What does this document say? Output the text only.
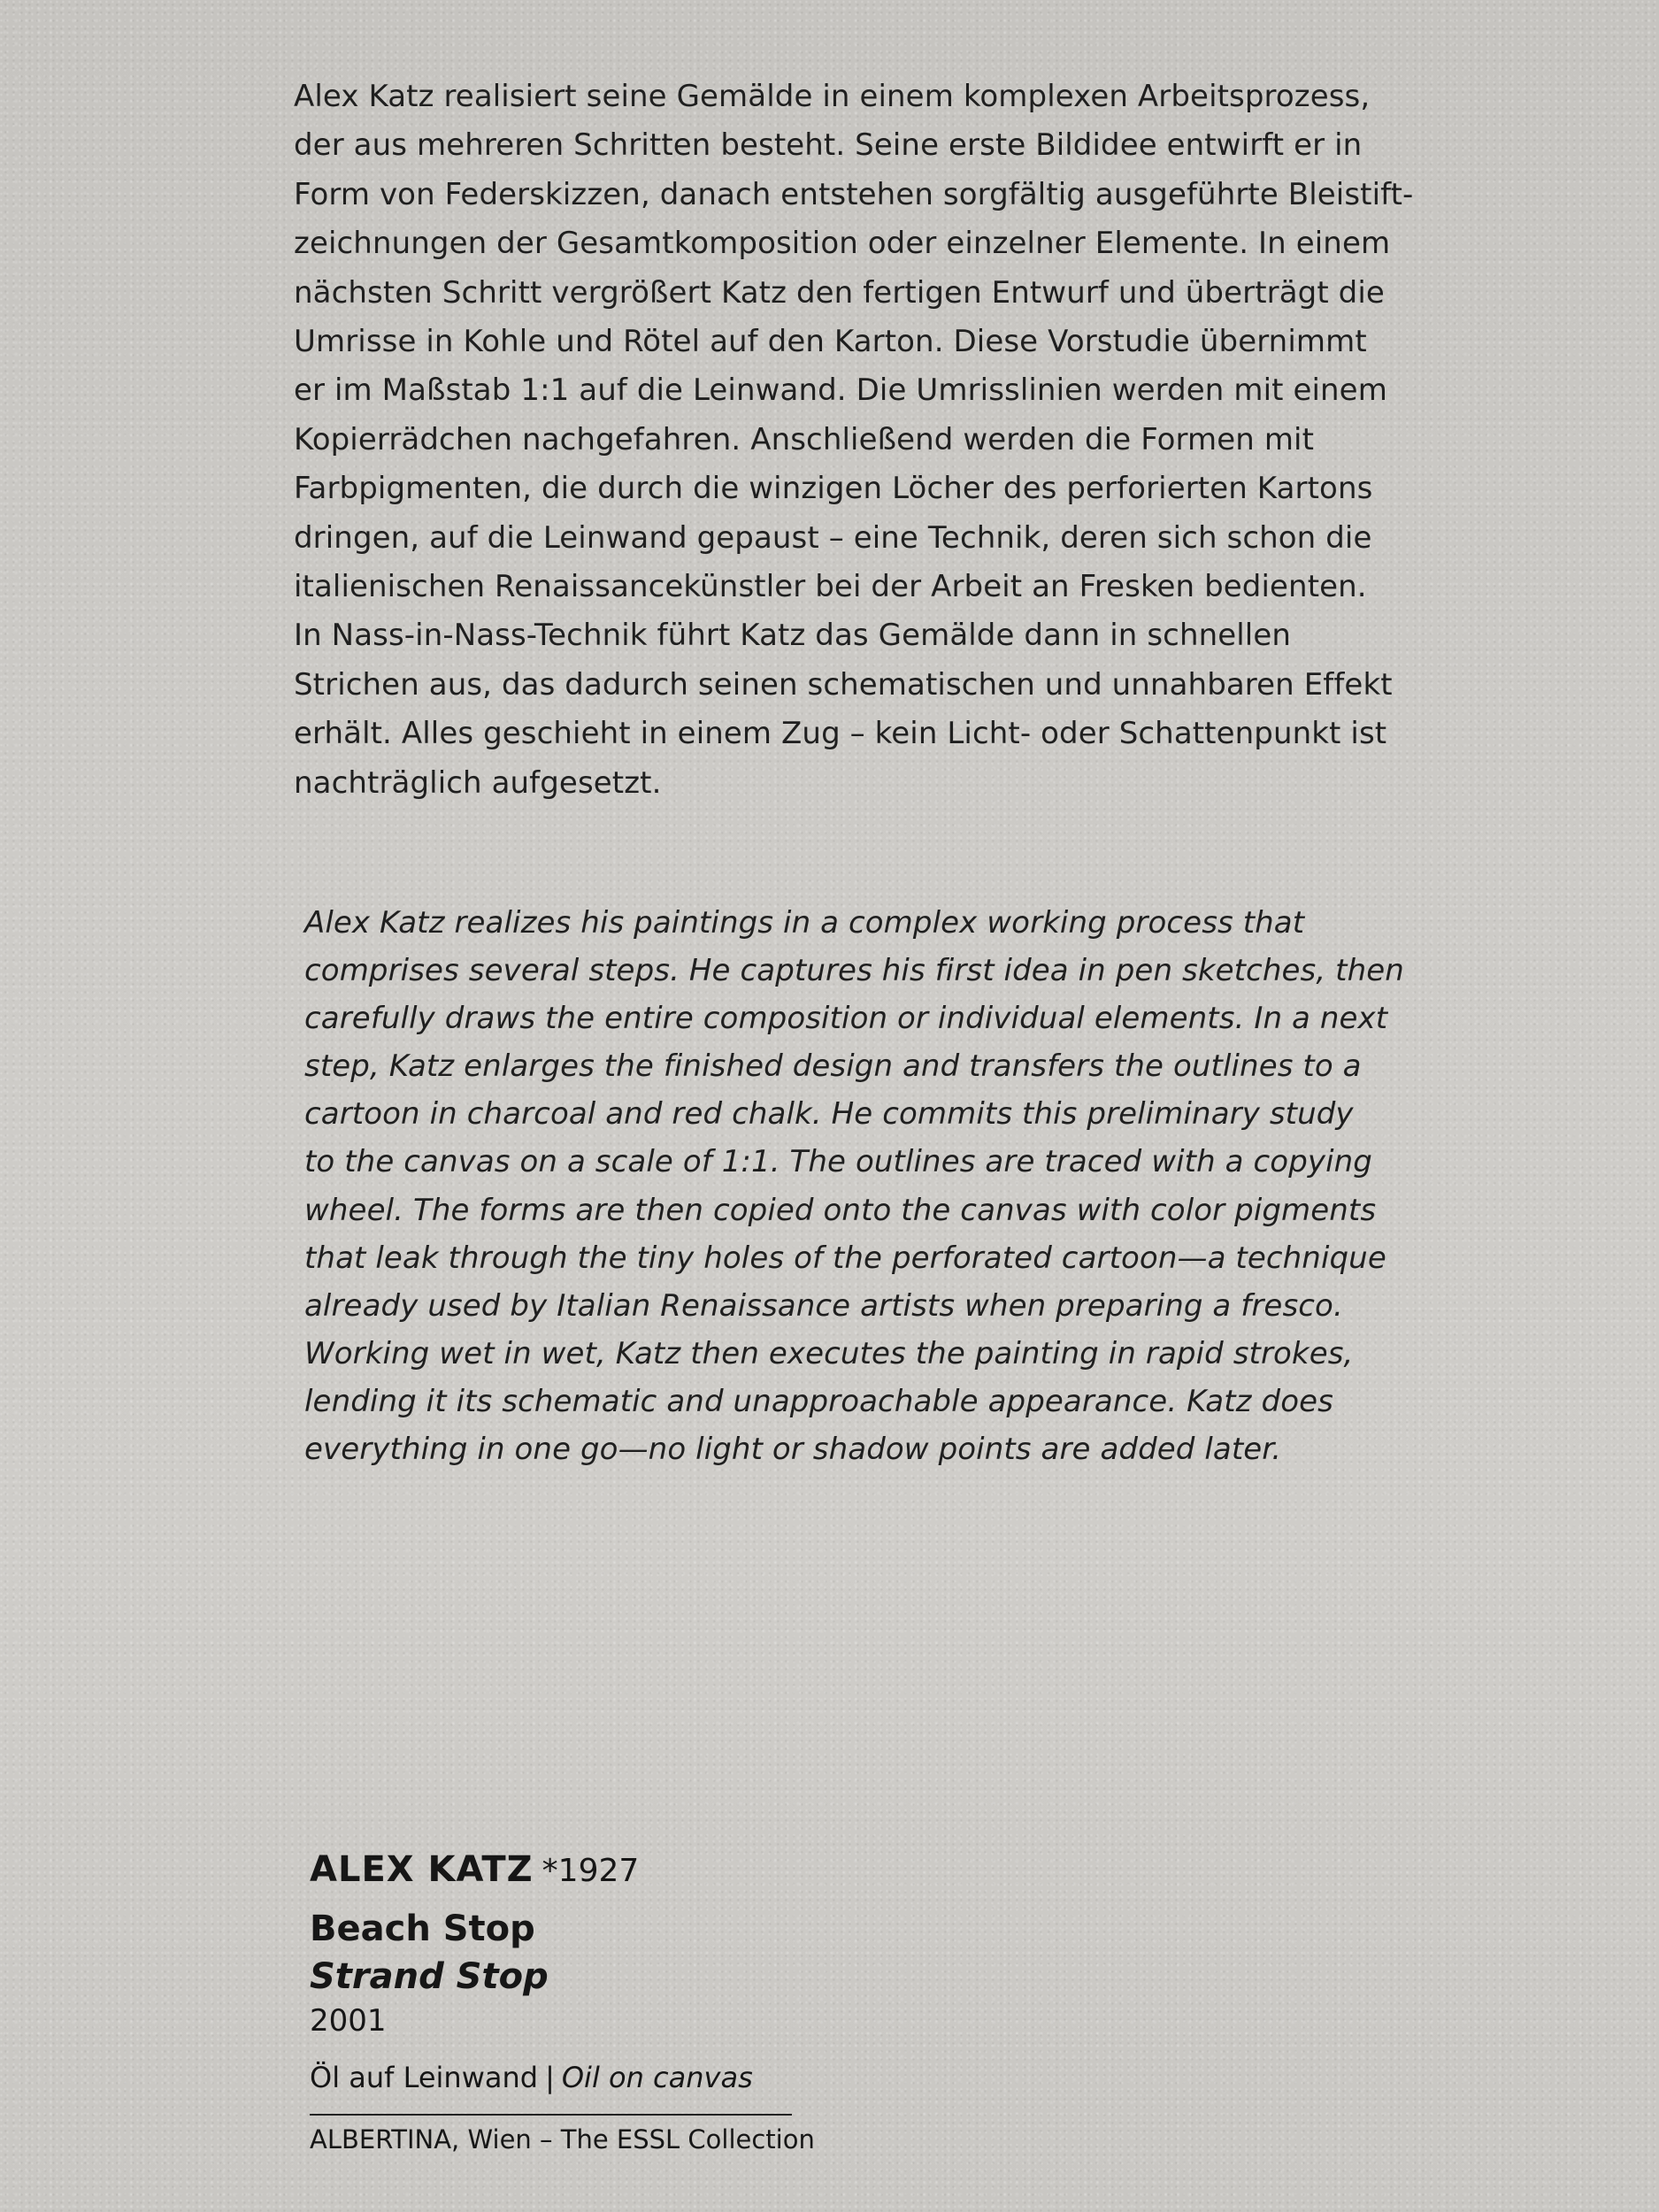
Alex Katz realisiert seine Gemälde in einem komplexen Arbeitsprozess,
der aus mehreren Schritten besteht. Seine erste Bildidee entwirft er in
Form von Federskizzen, danach entstehen sorgfältig ausgeführte Bleistift-
zeichnungen der Gesamtkomposition oder einzelner Elemente. In einem
nächsten Schritt vergrößert Katz den fertigen Entwurf und überträgt die
Umrisse in Kohle und Rötel auf den Karton. Diese Vorstudie übernimmt
er im Maßstab 1:1 auf die Leinwand. Die Umrisslinien werden mit einem
Kopierrädchen nachgefahren. Anschließend werden die Formen mit
Farbpigmenten, die durch die winzigen Löcher des perforierten Kartons
dringen, auf die Leinwand gepaust – eine Technik, deren sich schon die
italienischen Renaissancekünstler bei der Arbeit an Fresken bedienten.
In Nass-in-Nass-Technik führt Katz das Gemälde dann in schnellen
Strichen aus, das dadurch seinen schematischen und unnahbaren Effekt
erhält. Alles geschieht in einem Zug – kein Licht- oder Schattenpunkt ist
nachträglich aufgesetzt.
Alex Katz realizes his paintings in a complex working process that
comprises several steps. He captures his first idea in pen sketches, then
carefully draws the entire composition or individual elements. In a next
step, Katz enlarges the finished design and transfers the outlines to a
cartoon in charcoal and red chalk. He commits this preliminary study
to the canvas on a scale of 1:1. The outlines are traced with a copying
wheel. The forms are then copied onto the canvas with color pigments
that leak through the tiny holes of the perforated cartoon—a technique
already used by Italian Renaissance artists when preparing a fresco.
Working wet in wet, Katz then executes the painting in rapid strokes,
lending it its schematic and unapproachable appearance. Katz does
everything in one go—no light or shadow points are added later.
ALEX KATZ *1927
Beach Stop
Strand Stop
2001
Öl auf Leinwand | Oil on canvas
ALBERTINA, Wien – The ESSL Collection
